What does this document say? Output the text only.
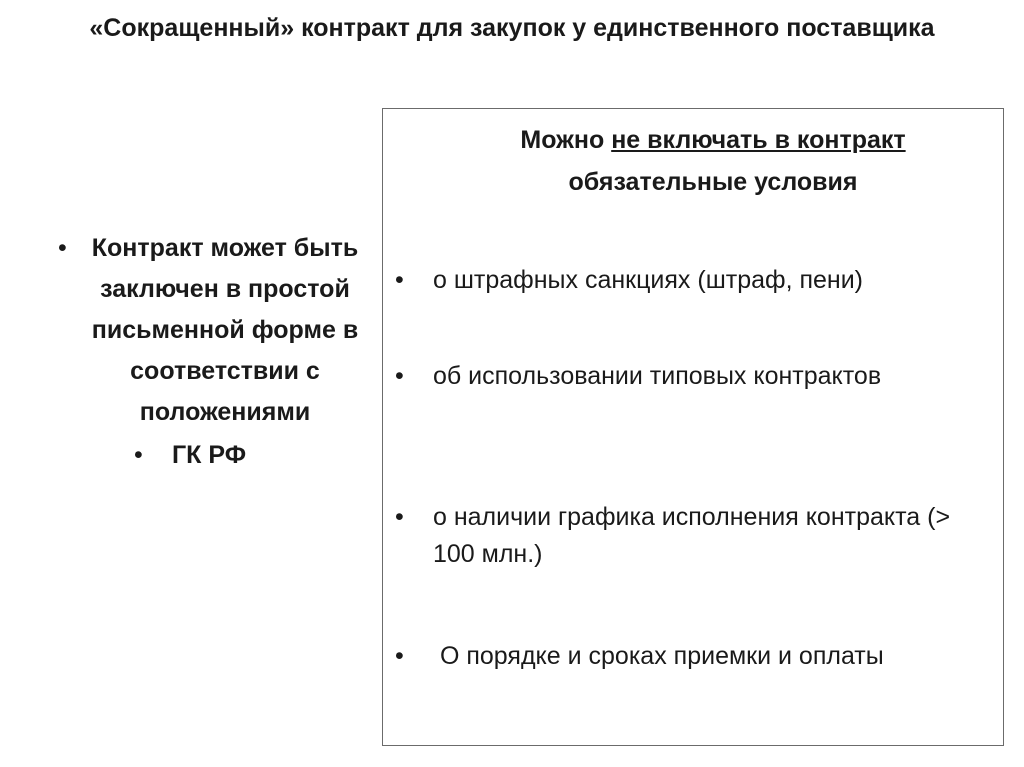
«Сокращенный» контракт для закупок у единственного поставщика
• Контракт может быть заключен в простой письменной форме в соответствии с положениями
• ГК РФ
Можно не включать в контракт обязательные условия
• о штрафных санкциях (штраф, пени)
• об использовании типовых контрактов
• о наличии графика исполнения контракта (> 100 млн.)
• О порядке и сроках приемки и оплаты
